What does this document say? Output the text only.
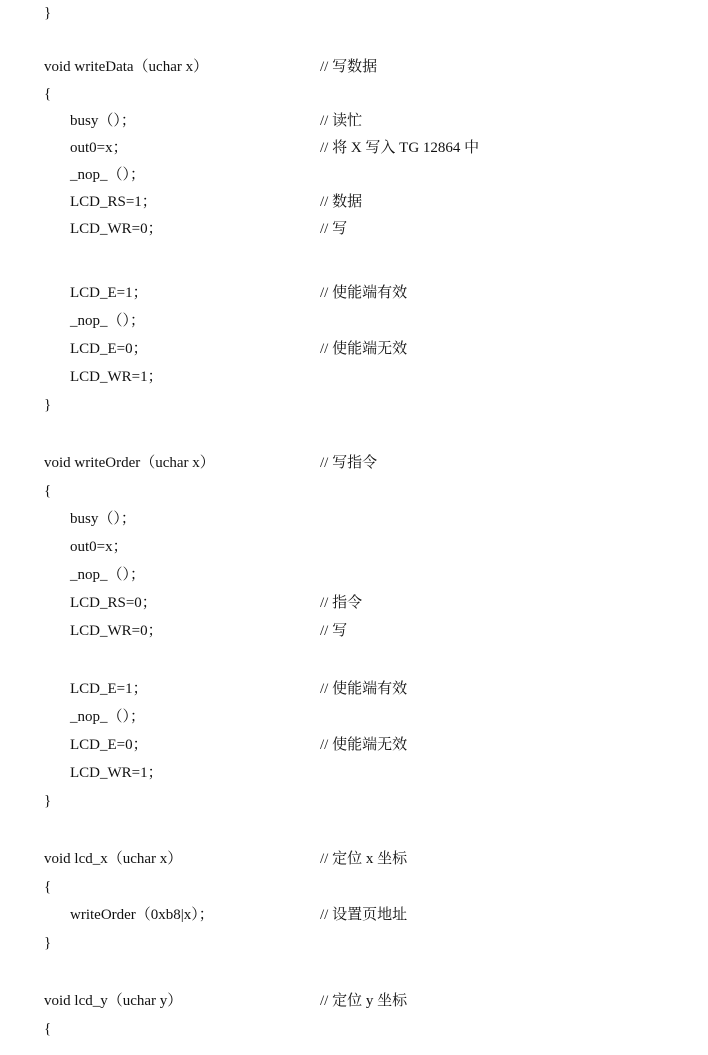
}
void writeData（uchar x）	// 写数据
{
busy（）；	// 读忙
out0=x；	// 将 X 写入 TG 12864 中
_nop_（）；
LCD_RS=1；	// 数据
LCD_WR=0；	// 写
LCD_E=1；	// 使能端有效
_nop_（）；
LCD_E=0；	// 使能端无效
LCD_WR=1；
}
void writeOrder（uchar x）	// 写指令
{
busy（）；
out0=x；
_nop_（）；
LCD_RS=0；	// 指令
LCD_WR=0；	// 写
LCD_E=1；	// 使能端有效
_nop_（）；
LCD_E=0；	// 使能端无效
LCD_WR=1；
}
void lcd_x（uchar x）	// 定位 x 坐标
{
writeOrder（0xb8|x）；	// 设置页地址
}
void lcd_y（uchar y）	// 定位 y 坐标
{
